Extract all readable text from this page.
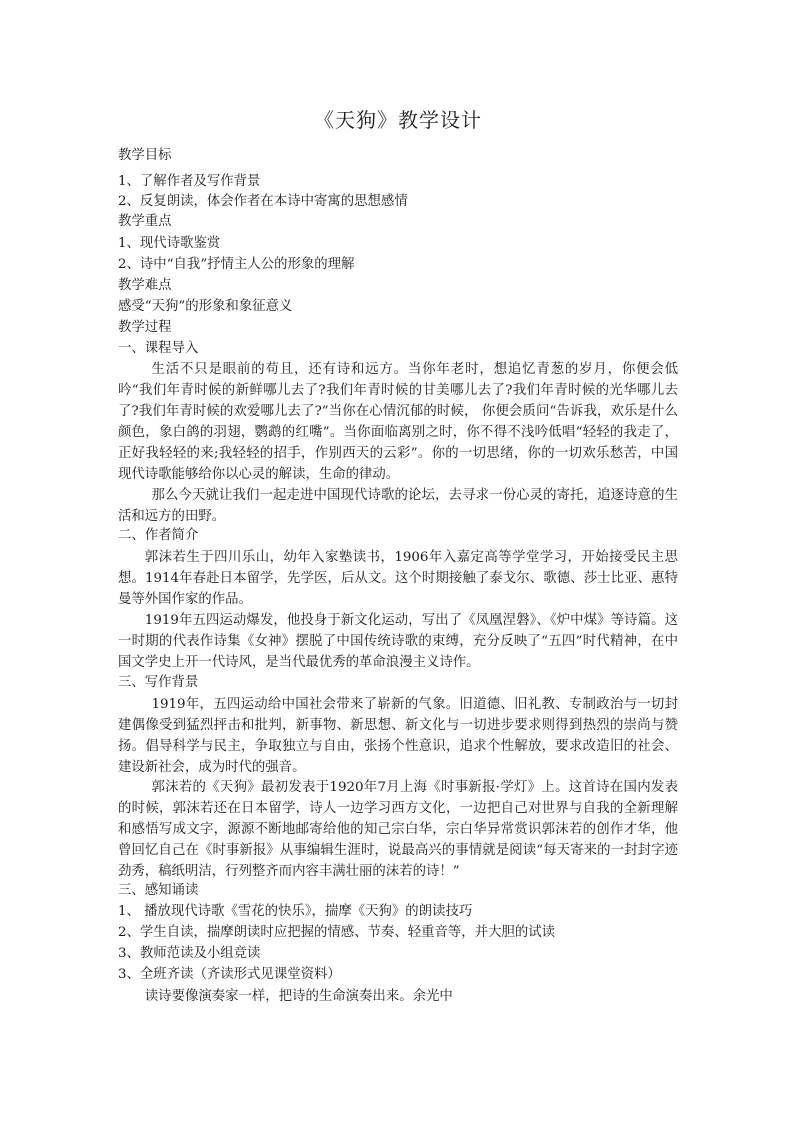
《天狗》教学设计
教学目标
1、了解作者及写作背景
2、反复朗读，体会作者在本诗中寄寓的思想感情
教学重点
1、现代诗歌鉴赏
2、诗中“自我”抒情主人公的形象的理解
教学难点
感受“天狗”的形象和象征意义
教学过程
一、课程导入
生活不只是眼前的苟且，还有诗和远方。当你年老时，想追忆青葱的岁月，你便会低吟“我们年青时候的新鲜哪儿去了?我们年青时候的甘美哪儿去了?我们年青时候的光华哪儿去了?我们年青时候的欢爱哪儿去了?”当你在心情沉郁的时候， 你便会质问“告诉我，欢乐是什么颜色，象白鸽的羽翅，鹦鹉的红嘴”。当你面临离别之时，你不得不浅吟低唱“轻轻的我走了，正好我轻轻的来;我轻轻的招手，作别西天的云彩”。你的一切思绪，你的一切欢乐愁苦，中国现代诗歌能够给你以心灵的解读，生命的律动。
那么今天就让我们一起走进中国现代诗歌的论坛，去寻求一份心灵的寄托，追逐诗意的生活和远方的田野。
二、作者简介
郭沫若生于四川乐山，幼年入家塾读书，1906年入嘉定高等学堂学习，开始接受民主思想。1914年春赴日本留学，先学医，后从文。这个时期接触了泰戈尔、歌德、莎士比亚、惠特曼等外国作家的作品。
1919年五四运动爆发，他投身于新文化运动，写出了《凤凰涅磐》、《炉中煤》等诗篇。这一时期的代表作诗集《女神》摆脱了中国传统诗歌的束缚，充分反映了“五四”时代精神，在中国文学史上开一代诗风，是当代最优秀的革命浪漫主义诗作。
三、写作背景
1919年，五四运动给中国社会带来了崭新的气象。旧道德、旧礼教、专制政治与一切封建偶像受到猛烈抨击和批判，新事物、新思想、新文化与一切进步要求则得到热烈的崇尚与赞扬。倡导科学与民主，争取独立与自由，张扬个性意识，追求个性解放，要求改造旧的社会、建设新社会，成为时代的强音。
郭沫若的《天狗》最初发表于1920年7月上海《时事新报·学灯》上。这首诗在国内发表的时候，郭沫若还在日本留学，诗人一边学习西方文化，一边把自己对世界与自我的全新理解和感悟写成文字，源源不断地邮寄给他的知己宗白华，宗白华异常赏识郭沫若的创作才华，他曾回忆自己在《时事新报》从事编辑生涯时，说最高兴的事情就是阅读“每天寄来的一封封字迹劲秀，稿纸明洁，行列整齐而内容丰满壮丽的沫若的诗！”
三、感知诵读
1、 播放现代诗歌《雪花的快乐》，揣摩《天狗》的朗读技巧
2、学生自读，揣摩朗读时应把握的情感、节奏、轻重音等，并大胆的试读
3、教师范读及小组竞读
3、全班齐读（齐读形式见课堂资料）
读诗要像演奏家一样，把诗的生命演奏出来。余光中
